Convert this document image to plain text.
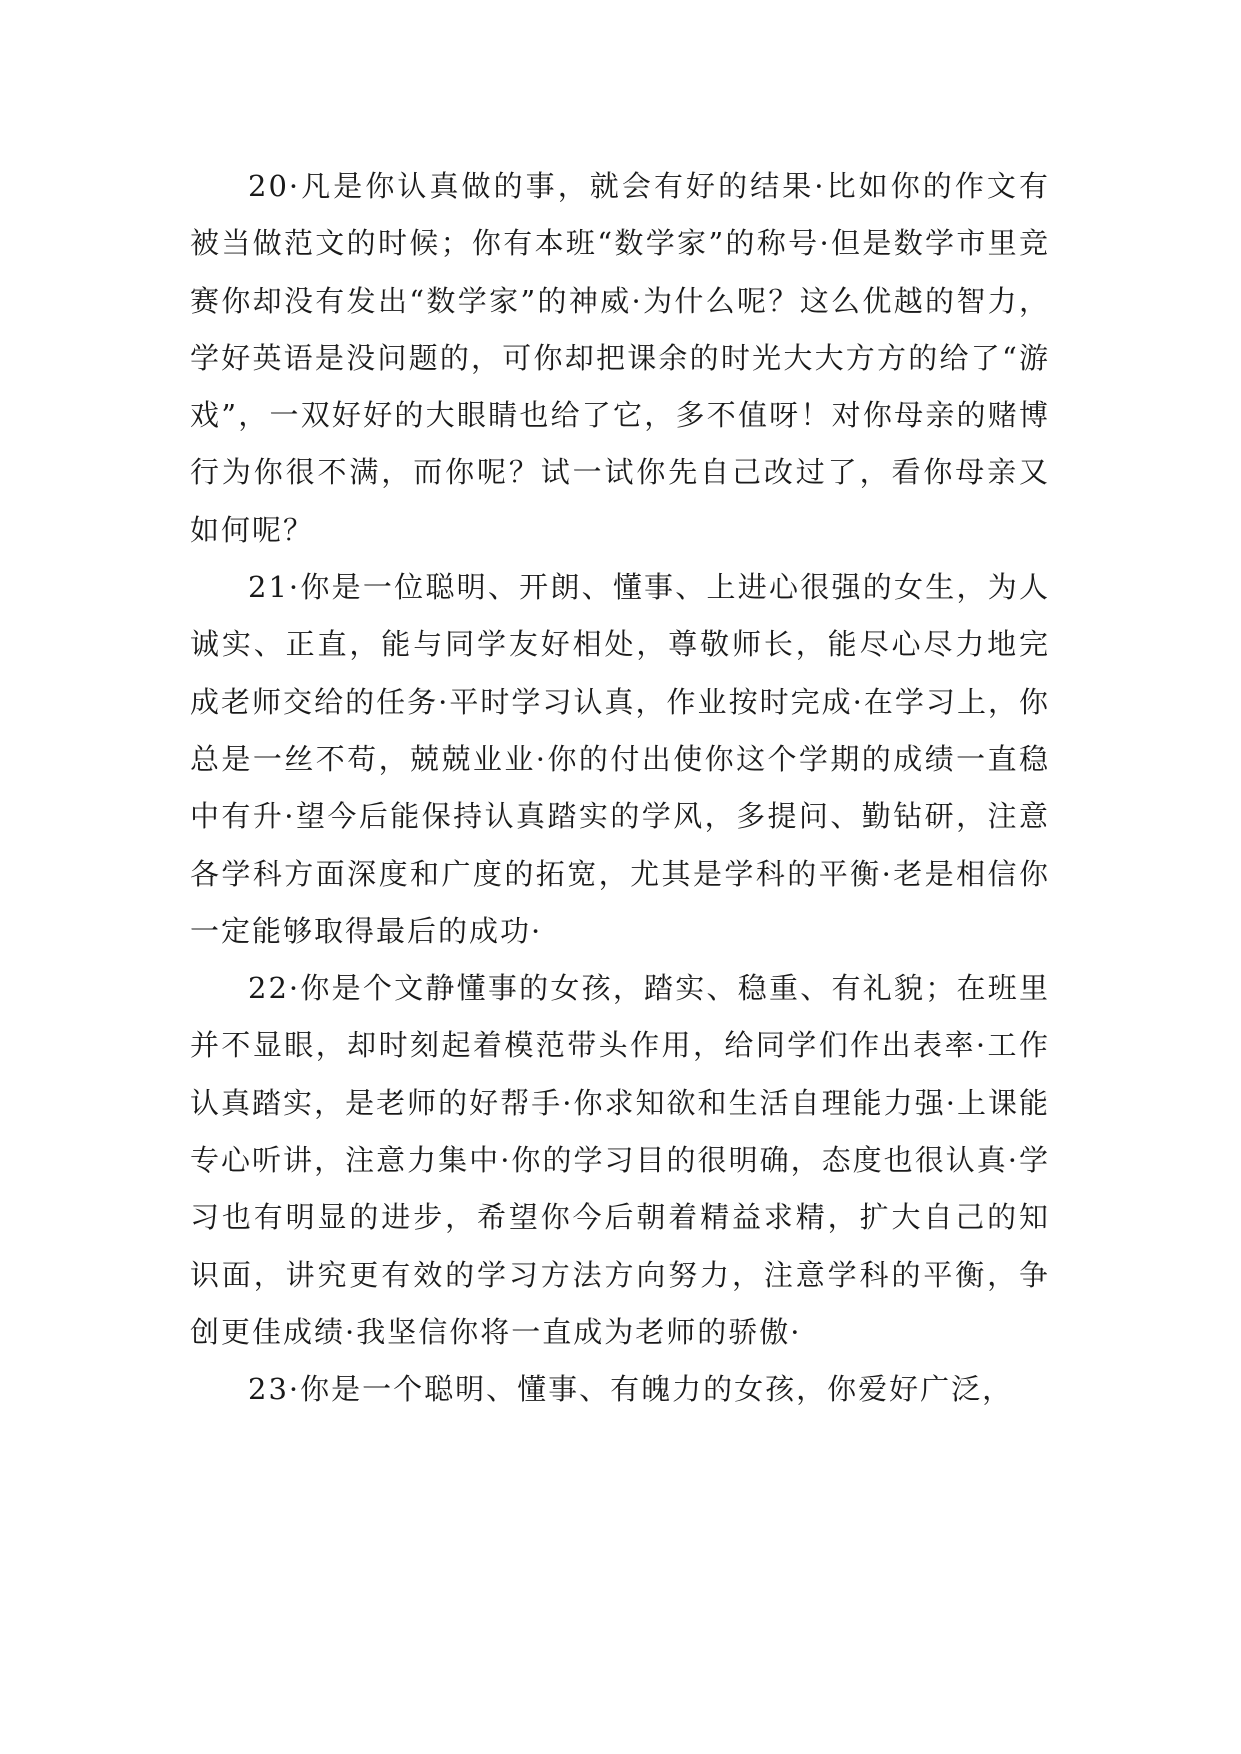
20·凡是你认真做的事，就会有好的结果·比如你的作文有被当做范文的时候；你有本班“数学家”的称号·但是数学市里竞赛你却没有发出“数学家”的神威·为什么呢？这么优越的智力，学好英语是没问题的，可你却把课余的时光大大方方的给了“游戏”，一双好好的大眼睛也给了它，多不值呀！对你母亲的赌博行为你很不满，而你呢？试一试你先自己改过了，看你母亲又如何呢？

21·你是一位聪明、开朗、懂事、上进心很强的女生，为人诚实、正直，能与同学友好相处，尊敬师长，能尽心尽力地完成老师交给的任务·平时学习认真，作业按时完成·在学习上，你总是一丝不苟，兢兢业业·你的付出使你这个学期的成绩一直稳中有升·望今后能保持认真踏实的学风，多提问、勤钻研，注意各学科方面深度和广度的拓宽，尤其是学科的平衡·老是相信你一定能够取得最后的成功·

22·你是个文静懂事的女孩，踏实、稳重、有礼貌；在班里并不显眼，却时刻起着模范带头作用，给同学们作出表率·工作认真踏实，是老师的好帮手·你求知欲和生活自理能力强·上课能专心听讲，注意力集中·你的学习目的很明确，态度也很认真·学习也有明显的进步，希望你今后朝着精益求精，扩大自己的知识面，讲究更有效的学习方法方向努力，注意学科的平衡，争创更佳成绩·我坚信你将一直成为老师的骄傲·

23·你是一个聪明、懂事、有魄力的女孩，你爱好广泛，
